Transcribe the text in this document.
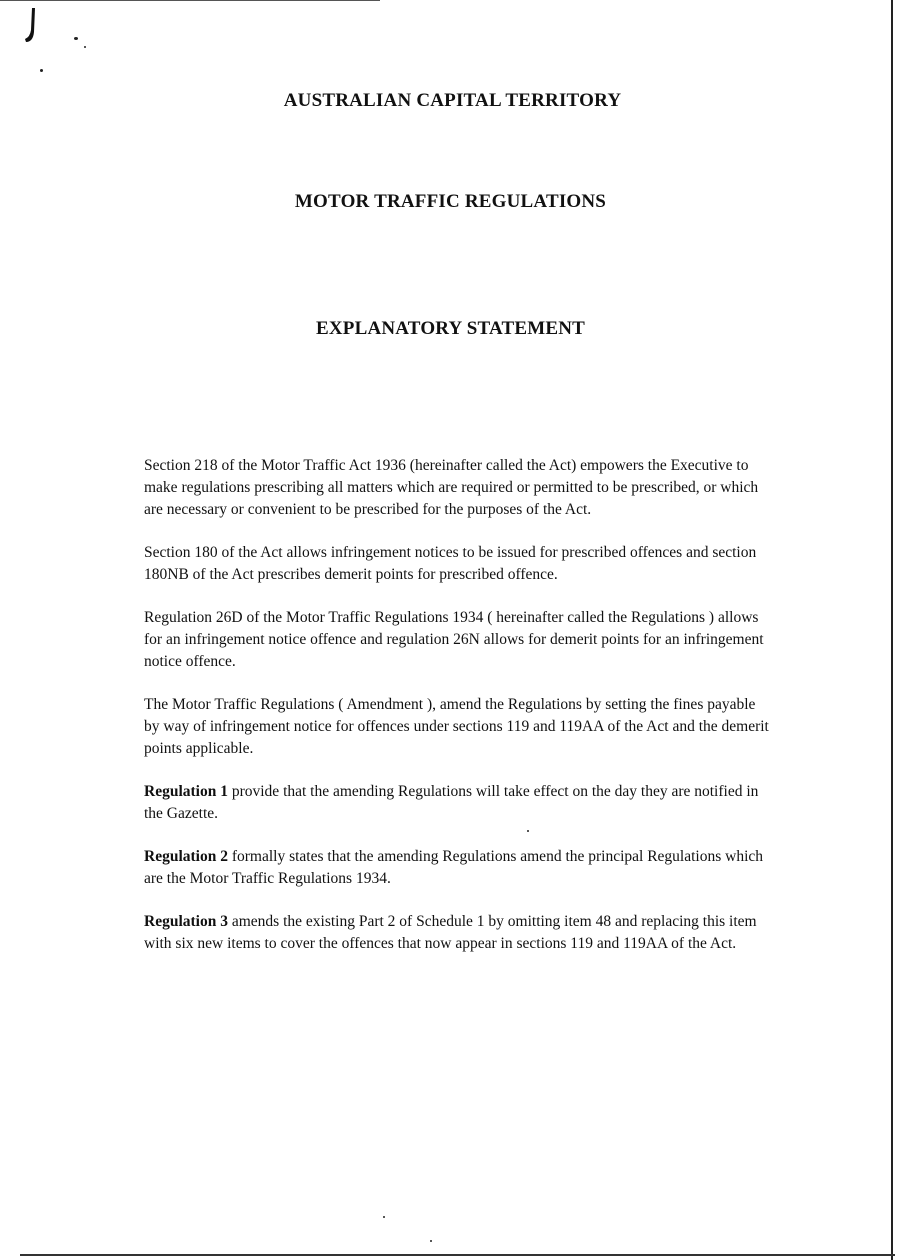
AUSTRALIAN CAPITAL TERRITORY
MOTOR TRAFFIC REGULATIONS
EXPLANATORY STATEMENT

Section 218 of the Motor Traffic Act 1936 (hereinafter called the Act) empowers the Executive to make regulations prescribing all matters which are required or permitted to be prescribed, or which are necessary or convenient to be prescribed for the purposes of the Act.

Section 180 of the Act allows infringement notices to be issued for prescribed offences and section 180NB of the Act prescribes demerit points for prescribed offence.

Regulation 26D of the Motor Traffic Regulations 1934 ( hereinafter called the Regulations ) allows for an infringement notice offence and regulation 26N allows for demerit points for an infringement notice offence.

The Motor Traffic Regulations ( Amendment ), amend the Regulations by setting the fines payable by way of infringement notice for offences under sections 119 and 119AA of the Act and the demerit points applicable.

Regulation 1 provide that the amending Regulations will take effect on the day they are notified in the Gazette.

Regulation 2 formally states that the amending Regulations amend the principal Regulations which are the Motor Traffic Regulations 1934.

Regulation 3 amends the existing Part 2 of Schedule 1 by omitting item 48 and replacing this item with six new items to cover the offences that now appear in sections 119 and 119AA of the Act.
